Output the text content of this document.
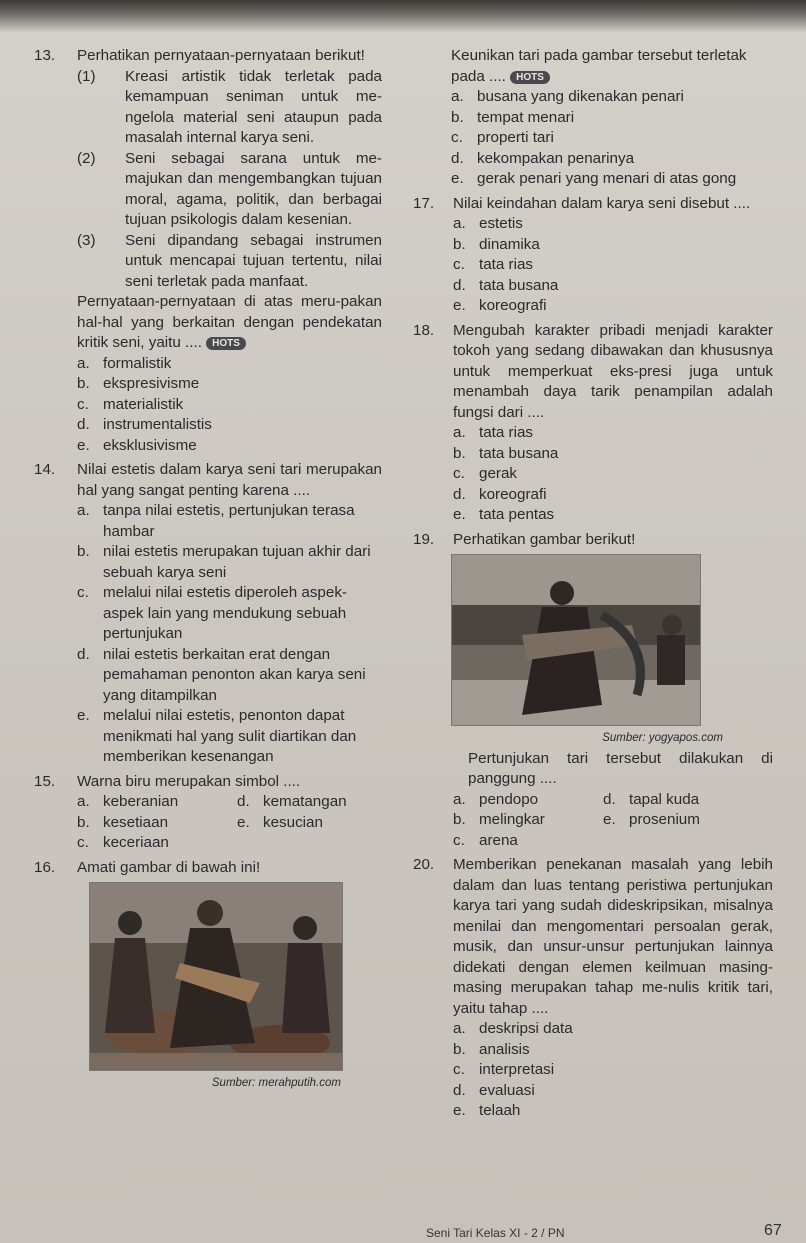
13. Perhatikan pernyataan-pernyataan berikut!
(1) Kreasi artistik tidak terletak pada kemampuan seniman untuk me-ngelola material seni ataupun pada masalah internal karya seni.
(2) Seni sebagai sarana untuk me-majukan dan mengembangkan tujuan moral, agama, politik, dan berbagai tujuan psikologis dalam kesenian.
(3) Seni dipandang sebagai instrumen untuk mencapai tujuan tertentu, nilai seni terletak pada manfaat.
Pernyataan-pernyataan di atas meru-pakan hal-hal yang berkaitan dengan pendekatan kritik seni, yaitu .... HOTS
a. formalistik
b. ekspresivisme
c. materialistik
d. instrumentalistis
e. eksklusivisme
14. Nilai estetis dalam karya seni tari merupakan hal yang sangat penting karena ....
a. tanpa nilai estetis, pertunjukan terasa hambar
b. nilai estetis merupakan tujuan akhir dari sebuah karya seni
c. melalui nilai estetis diperoleh aspek-aspek lain yang mendukung sebuah pertunjukan
d. nilai estetis berkaitan erat dengan pemahaman penonton akan karya seni yang ditampilkan
e. melalui nilai estetis, penonton dapat menikmati hal yang sulit diartikan dan memberikan kesenangan
15. Warna biru merupakan simbol ....
a. keberanian	d. kematangan
b. kesetiaan	e. kesucian
c. keceriaan
16. Amati gambar di bawah ini!
Sumber: merahputih.com
Keunikan tari pada gambar tersebut terletak pada .... HOTS
a. busana yang dikenakan penari
b. tempat menari
c. properti tari
d. kekompakan penarinya
e. gerak penari yang menari di atas gong
17. Nilai keindahan dalam karya seni disebut ....
a. estetis
b. dinamika
c. tata rias
d. tata busana
e. koreografi
18. Mengubah karakter pribadi menjadi karakter tokoh yang sedang dibawakan dan khususnya untuk memperkuat eks-presi juga untuk menambah daya tarik penampilan adalah fungsi dari ....
a. tata rias
b. tata busana
c. gerak
d. koreografi
e. tata pentas
19. Perhatikan gambar berikut!
Sumber: yogyapos.com
Pertunjukan tari tersebut dilakukan di panggung ....
a. pendopo	d. tapal kuda
b. melingkar	e. prosenium
c. arena
20. Memberikan penekanan masalah yang lebih dalam dan luas tentang peristiwa pertunjukan karya tari yang sudah dideskripsikan, misalnya menilai dan mengomentari persoalan gerak, musik, dan unsur-unsur pertunjukan lainnya didekati dengan elemen keilmuan masing-masing merupakan tahap me-nulis kritik tari, yaitu tahap ....
a. deskripsi data
b. analisis
c. interpretasi
d. evaluasi
e. telaah
Seni Tari Kelas XI - 2 / PN	67
